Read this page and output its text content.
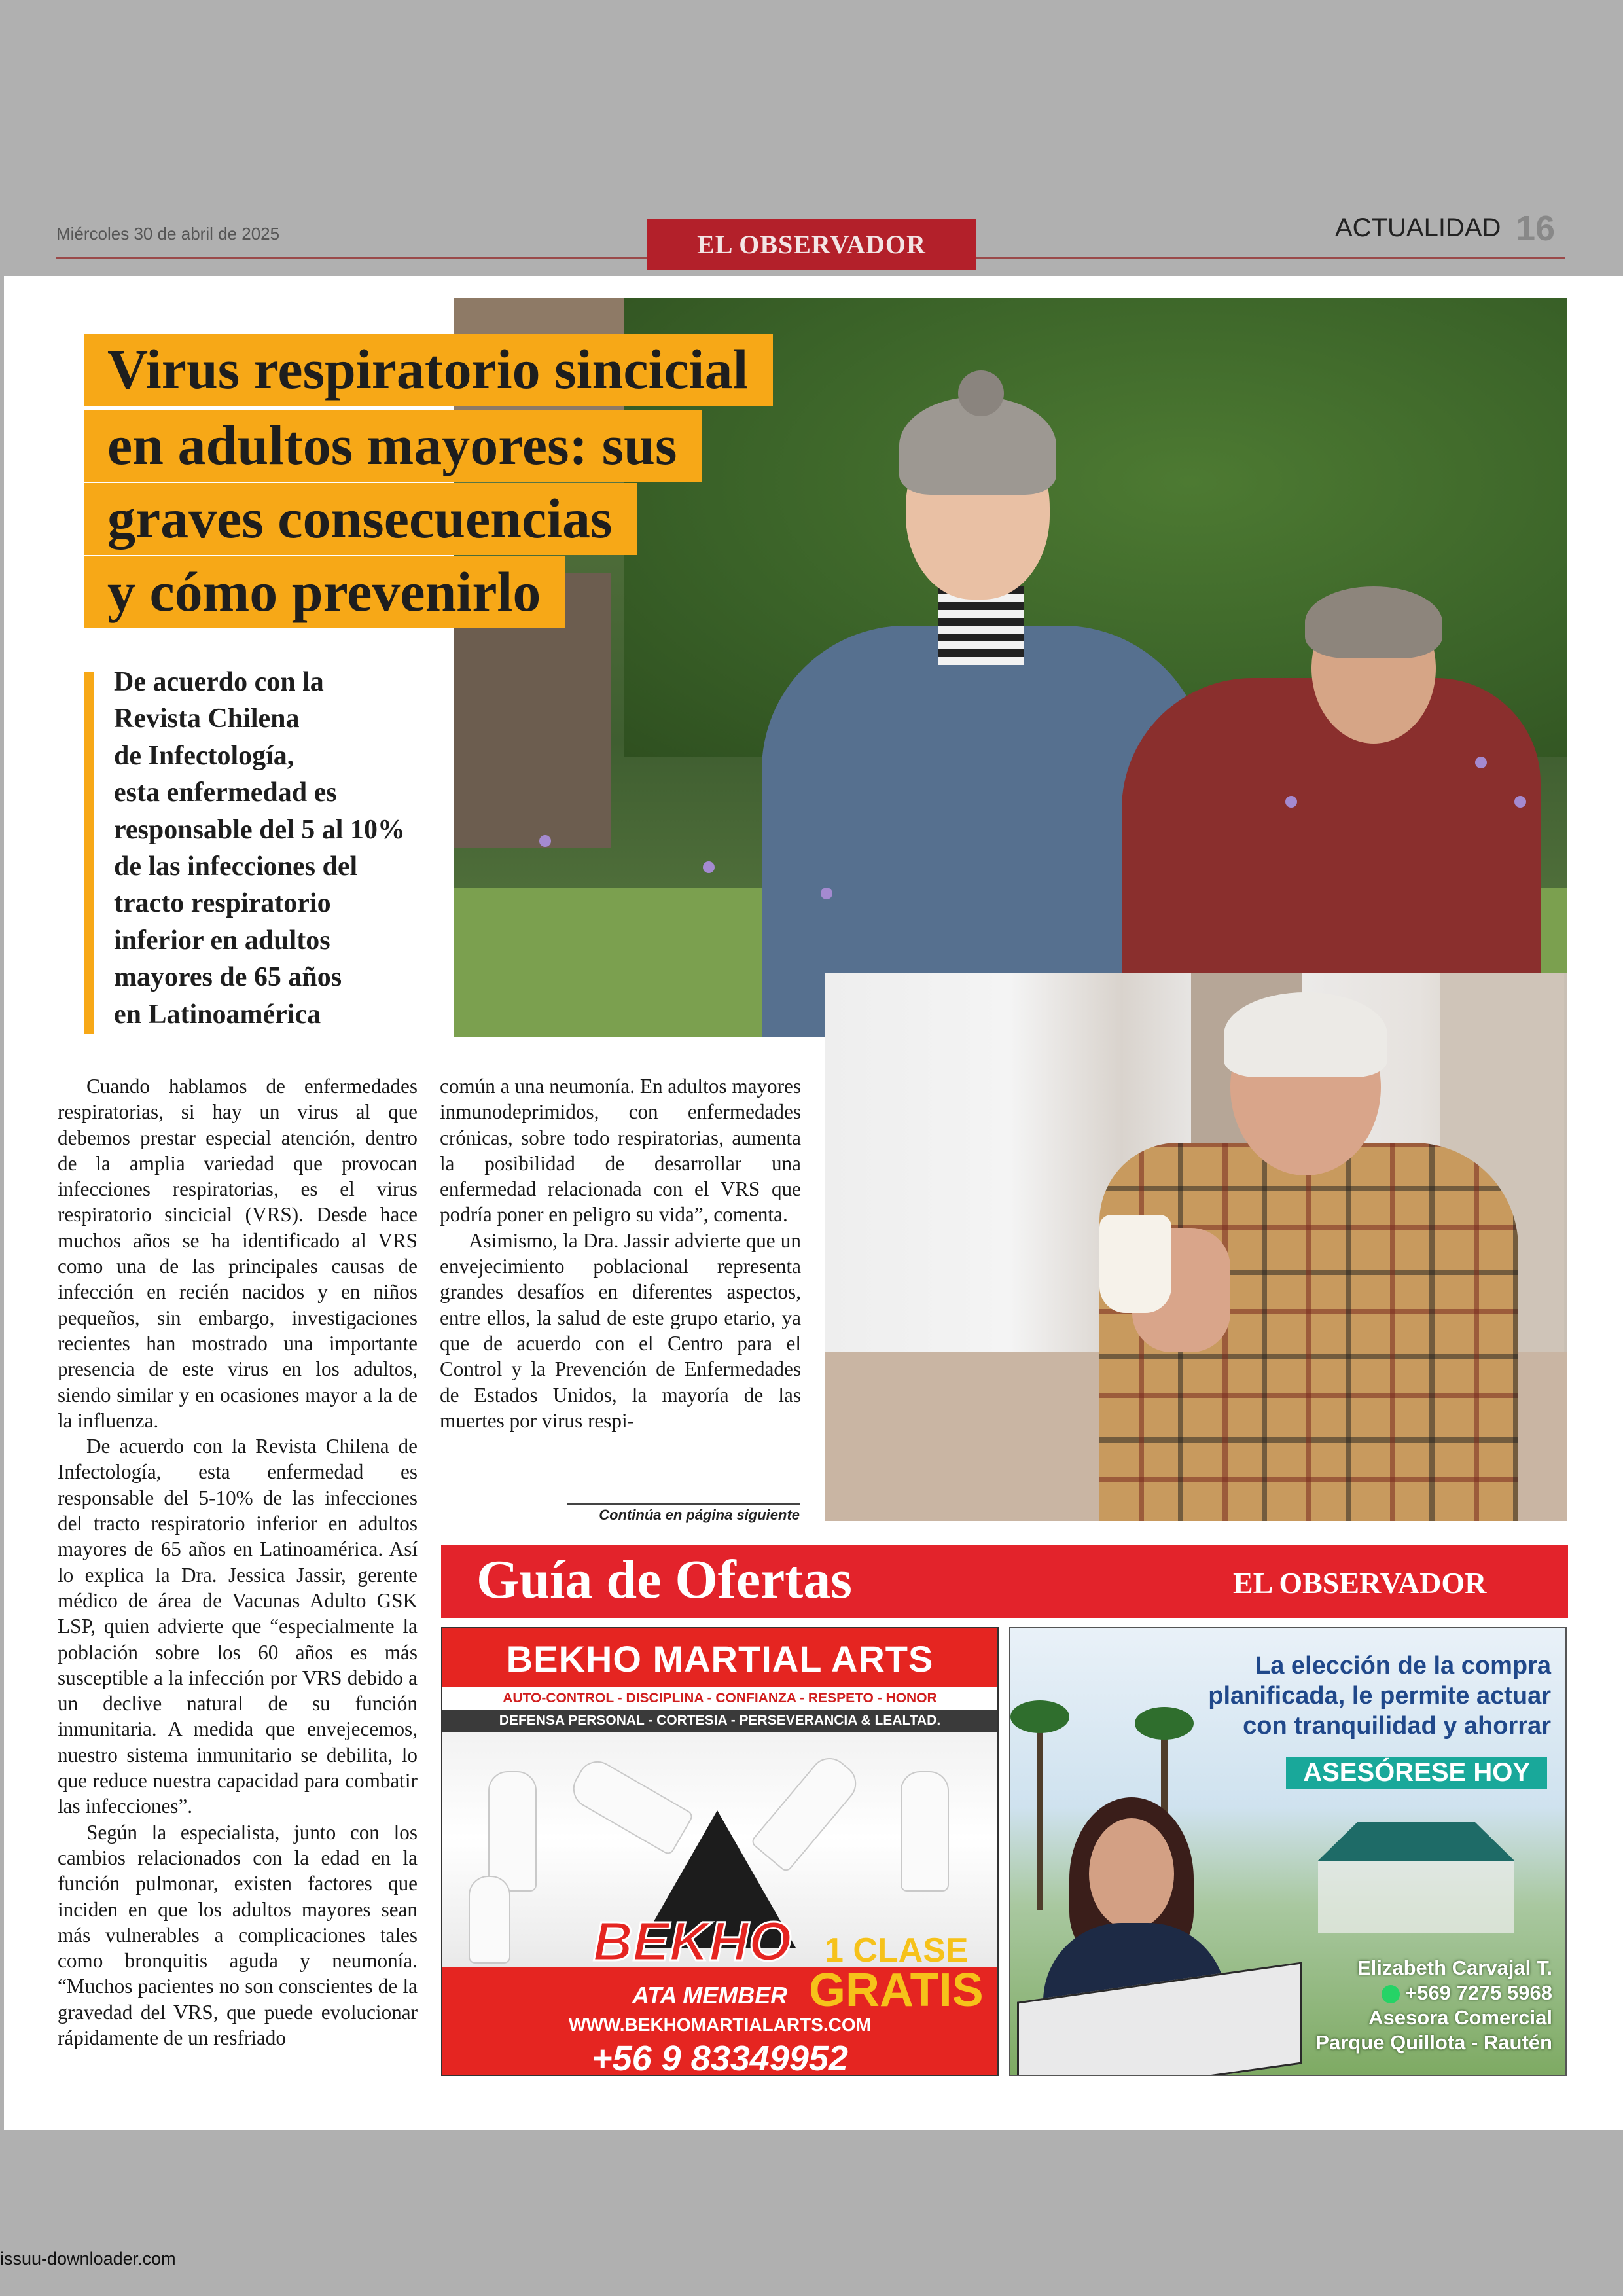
Miércoles 30 de abril de 2025	EL OBSERVADOR
ACTUALIDAD 16
Virus respiratorio sincicial
en adultos mayores: sus
graves consecuencias
y cómo prevenirlo
De acuerdo con la
Revista Chilena
de Infectología,
esta enfermedad es
responsable del 5 al 10%
de las infecciones del
tracto respiratorio
inferior en adultos
mayores de 65 años
en Latinoamérica

Cuando hablamos de enfermedades respiratorias, si hay un virus al que debemos prestar especial atención, dentro de la amplia variedad que provocan infecciones respiratorias, es el virus respiratorio sincicial (VRS). Desde hace muchos años se ha identificado al VRS como una de las principales causas de infección en recién nacidos y en niños pequeños, sin embargo, investigaciones recientes han mostrado una importante presencia de este virus en los adultos, siendo similar y en ocasiones mayor a la de la influenza.

De acuerdo con la Revista Chilena de Infectología, esta enfermedad es responsable del 5-10% de las infecciones del tracto respiratorio inferior en adultos mayores de 65 años en Latinoamérica. Así lo explica la Dra. Jessica Jassir, gerente médico de área de Vacunas Adulto GSK LSP, quien advierte que “especialmente la población sobre los 60 años es más susceptible a la infección por VRS debido a un declive natural de su función inmunitaria. A medida que envejecemos, nuestro sistema inmunitario se debilita, lo que reduce nuestra capacidad para combatir las infecciones”.

Según la especialista, junto con los cambios relacionados con la edad en la función pulmonar, existen factores que inciden en que los adultos mayores sean más vulnerables a complicaciones tales como bronquitis aguda y neumonía. “Muchos pacientes no son conscientes de la gravedad del VRS, que puede evolucionar rápidamente de un resfriado

común a una neumonía. En adultos mayores inmunodeprimidos, con enfermedades crónicas, sobre todo respiratorias, aumenta la posibilidad de desarrollar una enfermedad relacionada con el VRS que podría poner en peligro su vida”, comenta.

Asimismo, la Dra. Jassir advierte que un envejecimiento poblacional representa grandes desafíos en diferentes aspectos, entre ellos, la salud de este grupo etario, ya que de acuerdo con el Centro para el Control y la Prevención de Enfermedades de Estados Unidos, la mayoría de las muertes por virus respi-

Continúa en página siguiente
Guía de Ofertas	EL OBSERVADOR
BEKHO MARTIAL ARTS
AUTO-CONTROL - DISCIPLINA - CONFIANZA - RESPETO - HONOR
DEFENSA PERSONAL - CORTESIA - PERSEVERANCIA & LEALTAD.
BEKHO 1 CLASE
GRATIS
ATA MEMBER
WWW.BEKHOMARTIALARTS.COM
+56 9 83349952
La elección de la compra
planificada, le permite actuar
con tranquilidad y ahorrar
ASESÓRESE HOY
Elizabeth Carvajal T.
+569 7275 5968
Asesora Comercial
Parque Quillota - Rautén
issuu-downloader.com
